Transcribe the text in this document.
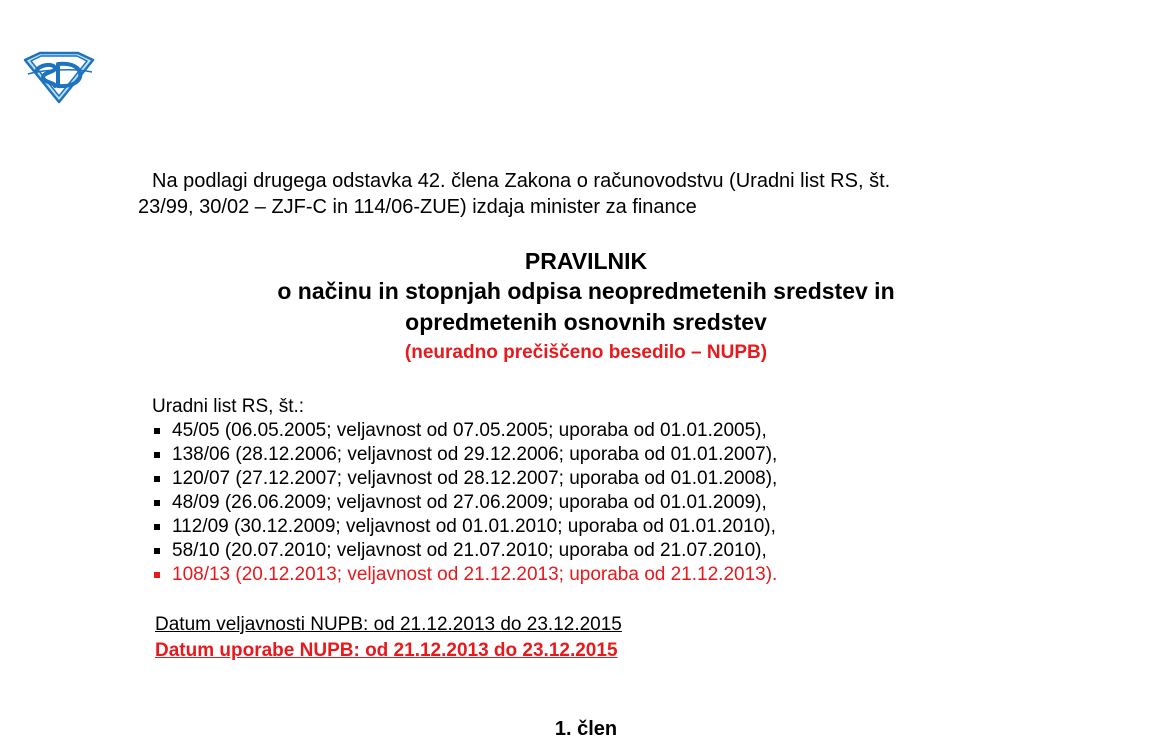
Na podlagi drugega odstavka 42. člena Zakona o računovodstvu (Uradni list RS, št.
23/99, 30/02 – ZJF-C in 114/06-ZUE) izdaja minister za finance
PRAVILNIK
o načinu in stopnjah odpisa neopredmetenih sredstev in
opredmetenih osnovnih sredstev
(neuradno prečiščeno besedilo – NUPB)
Uradni list RS, št.:
45/05 (06.05.2005; veljavnost od 07.05.2005; uporaba od 01.01.2005),
138/06 (28.12.2006; veljavnost od 29.12.2006; uporaba od 01.01.2007),
120/07 (27.12.2007; veljavnost od 28.12.2007; uporaba od 01.01.2008),
48/09 (26.06.2009; veljavnost od 27.06.2009; uporaba od 01.01.2009),
112/09 (30.12.2009; veljavnost od 01.01.2010; uporaba od 01.01.2010),
58/10 (20.07.2010; veljavnost od 21.07.2010; uporaba od 21.07.2010),
108/13 (20.12.2013; veljavnost od 21.12.2013; uporaba od 21.12.2013).
Datum veljavnosti NUPB: od 21.12.2013 do 23.12.2015
Datum uporabe NUPB: od 21.12.2013 do 23.12.2015
1. člen
